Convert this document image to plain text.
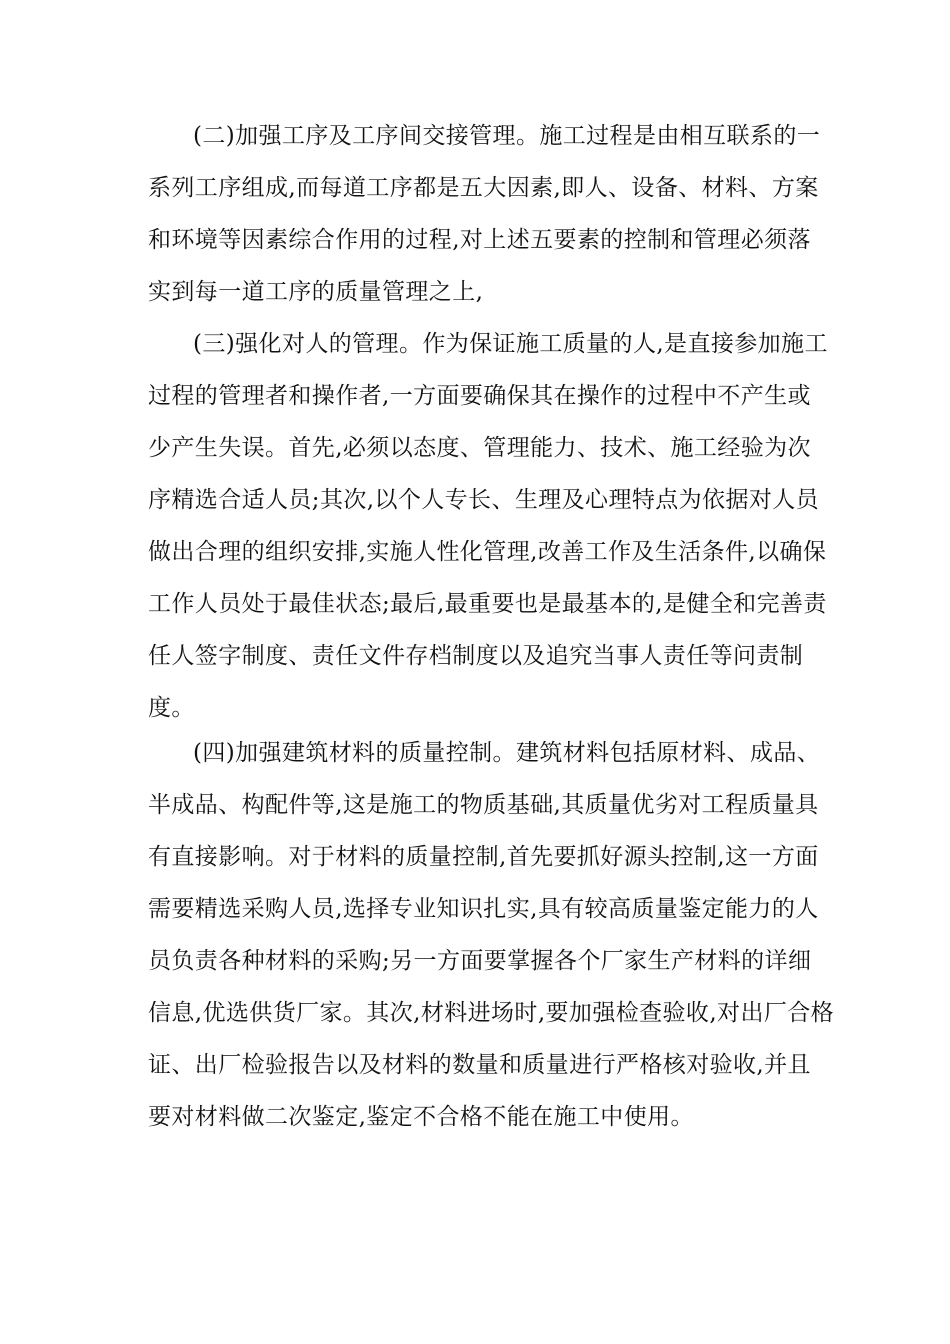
(二)加强工序及工序间交接管理。施工过程是由相互联系的一

系列工序组成,而每道工序都是五大因素,即人、设备、材料、方案

和环境等因素综合作用的过程,对上述五要素的控制和管理必须落

实到每一道工序的质量管理之上,

(三)强化对人的管理。作为保证施工质量的人,是直接参加施工

过程的管理者和操作者,一方面要确保其在操作的过程中不产生或

少产生失误。首先,必须以态度、管理能力、技术、施工经验为次

序精选合适人员;其次,以个人专长、生理及心理特点为依据对人员

做出合理的组织安排,实施人性化管理,改善工作及生活条件,以确保

工作人员处于最佳状态;最后,最重要也是最基本的,是健全和完善责

任人签字制度、责任文件存档制度以及追究当事人责任等问责制

度。

(四)加强建筑材料的质量控制。建筑材料包括原材料、成品、

半成品、构配件等,这是施工的物质基础,其质量优劣对工程质量具

有直接影响。对于材料的质量控制,首先要抓好源头控制,这一方面

需要精选采购人员,选择专业知识扎实,具有较高质量鉴定能力的人

员负责各种材料的采购;另一方面要掌握各个厂家生产材料的详细

信息,优选供货厂家。其次,材料进场时,要加强检查验收,对出厂合格

证、出厂检验报告以及材料的数量和质量进行严格核对验收,并且

要对材料做二次鉴定,鉴定不合格不能在施工中使用。
